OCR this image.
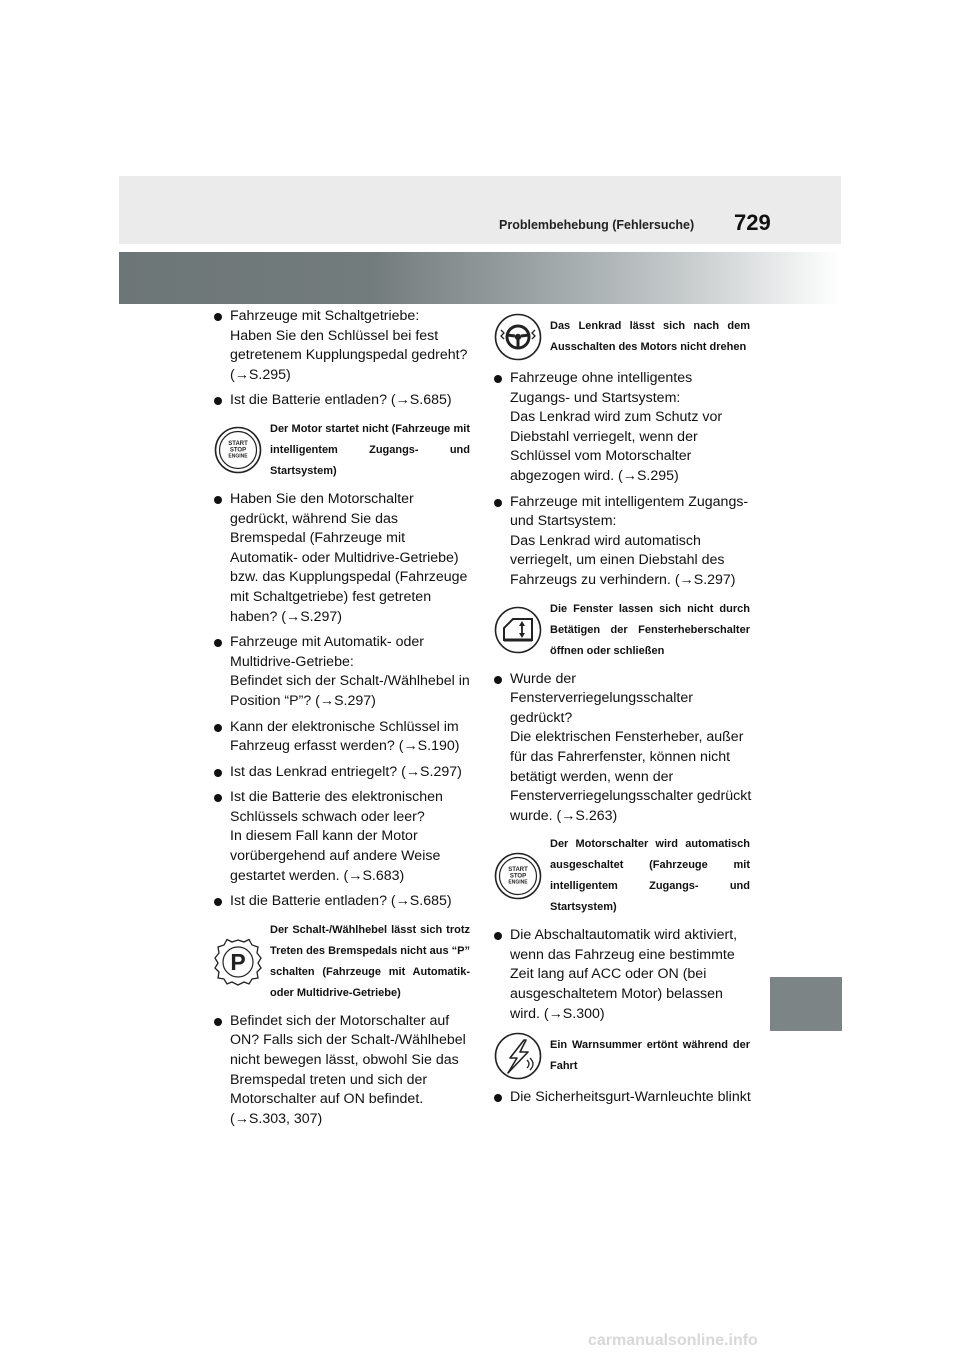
Problembehebung (Fehlersuche) 729
Fahrzeuge mit Schaltgetriebe:
Haben Sie den Schlüssel bei fest getretenem Kupplungspedal gedreht? (→S.295)
Ist die Batterie entladen? (→S.685)
START
STOP
ENGINE
Der Motor startet nicht (Fahrzeuge mit intelligentem Zugangs- und Startsystem)
Haben Sie den Motorschalter gedrückt, während Sie das Bremspedal (Fahrzeuge mit Automatik- oder Multidrive-Getriebe) bzw. das Kupplungspedal (Fahrzeuge mit Schaltgetriebe) fest getreten haben? (→S.297)
Fahrzeuge mit Automatik- oder Multidrive-Getriebe:
Befindet sich der Schalt-/Wählhebel in Position “P”? (→S.297)
Kann der elektronische Schlüssel im Fahrzeug erfasst werden? (→S.190)
Ist das Lenkrad entriegelt? (→S.297)
Ist die Batterie des elektronischen Schlüssels schwach oder leer?
In diesem Fall kann der Motor vorübergehend auf andere Weise gestartet werden. (→S.683)
Ist die Batterie entladen? (→S.685)
P
Der Schalt-/Wählhebel lässt sich trotz Treten des Bremspedals nicht aus “P” schalten (Fahrzeuge mit Automatik- oder Multidrive-Getriebe)
Befindet sich der Motorschalter auf ON? Falls sich der Schalt-/Wählhebel nicht bewegen lässt, obwohl Sie das Bremspedal treten und sich der Motorschalter auf ON befindet. (→S.303, 307)
Das Lenkrad lässt sich nach dem Ausschalten des Motors nicht drehen
Fahrzeuge ohne intelligentes Zugangs- und Startsystem:
Das Lenkrad wird zum Schutz vor Diebstahl verriegelt, wenn der Schlüssel vom Motorschalter abgezogen wird. (→S.295)
Fahrzeuge mit intelligentem Zugangs- und Startsystem:
Das Lenkrad wird automatisch verriegelt, um einen Diebstahl des Fahrzeugs zu verhindern. (→S.297)
Die Fenster lassen sich nicht durch Betätigen der Fensterheberschalter öffnen oder schließen
Wurde der Fensterverriegelungsschalter gedrückt?
Die elektrischen Fensterheber, außer für das Fahrerfenster, können nicht betätigt werden, wenn der Fensterverriegelungsschalter gedrückt wurde. (→S.263)
START
STOP
ENGINE
Der Motorschalter wird automatisch ausgeschaltet (Fahrzeuge mit intelligentem Zugangs- und Startsystem)
Die Abschaltautomatik wird aktiviert, wenn das Fahrzeug eine bestimmte Zeit lang auf ACC oder ON (bei ausgeschaltetem Motor) belassen wird. (→S.300)
Ein Warnsummer ertönt während der Fahrt
Die Sicherheitsgurt-Warnleuchte blinkt
carmanualsonline.info
